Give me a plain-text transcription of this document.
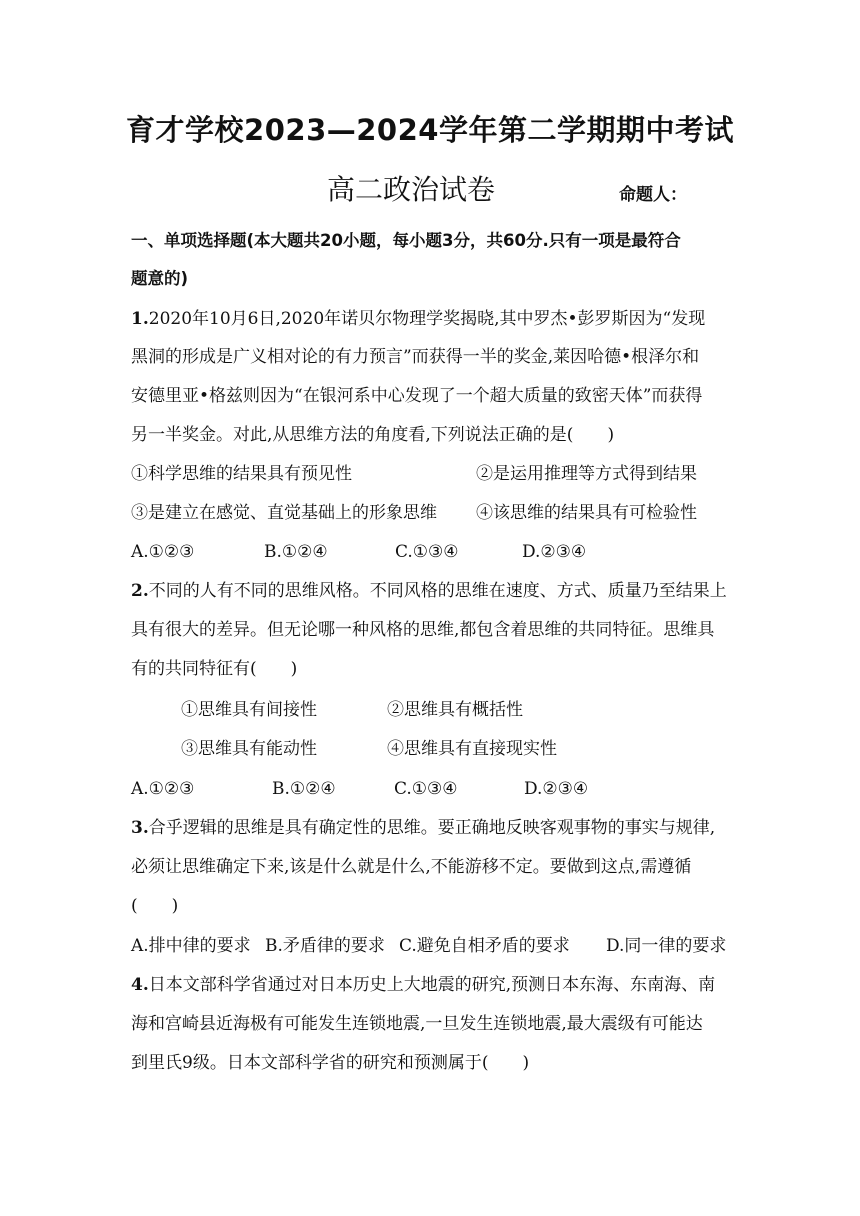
育才学校2023—2024学年第二学期期中考试
高二政治试卷	命题人：
一、单项选择题(本大题共20小题，每小题3分，共60分.只有一项是最符合
题意的)
1.2020年10月6日,2020年诺贝尔物理学奖揭晓,其中罗杰•彭罗斯因为“发现
黑洞的形成是广义相对论的有力预言”而获得一半的奖金,莱因哈德•根泽尔和
安德里亚•格兹则因为“在银河系中心发现了一个超大质量的致密天体”而获得
另一半奖金。对此,从思维方法的角度看,下列说法正确的是(　　)
①科学思维的结果具有预见性	②是运用推理等方式得到结果
③是建立在感觉、直觉基础上的形象思维 ④该思维的结果具有可检验性
A.①②③	B.①②④	C.①③④	D.②③④
2.不同的人有不同的思维风格。不同风格的思维在速度、方式、质量乃至结果上
具有很大的差异。但无论哪一种风格的思维,都包含着思维的共同特征。思维具
有的共同特征有(　　)
①思维具有间接性	②思维具有概括性
③思维具有能动性	④思维具有直接现实性
A.①②③	B.①②④	C.①③④	D.②③④
3.合乎逻辑的思维是具有确定性的思维。要正确地反映客观事物的事实与规律,
必须让思维确定下来,该是什么就是什么,不能游移不定。要做到这点,需遵循
(　　)
A.排中律的要求 B.矛盾律的要求 C.避免自相矛盾的要求 D.同一律的要求
4.日本文部科学省通过对日本历史上大地震的研究,预测日本东海、东南海、南
海和宫崎县近海极有可能发生连锁地震,一旦发生连锁地震,最大震级有可能达
到里氏9级。日本文部科学省的研究和预测属于(　　)
